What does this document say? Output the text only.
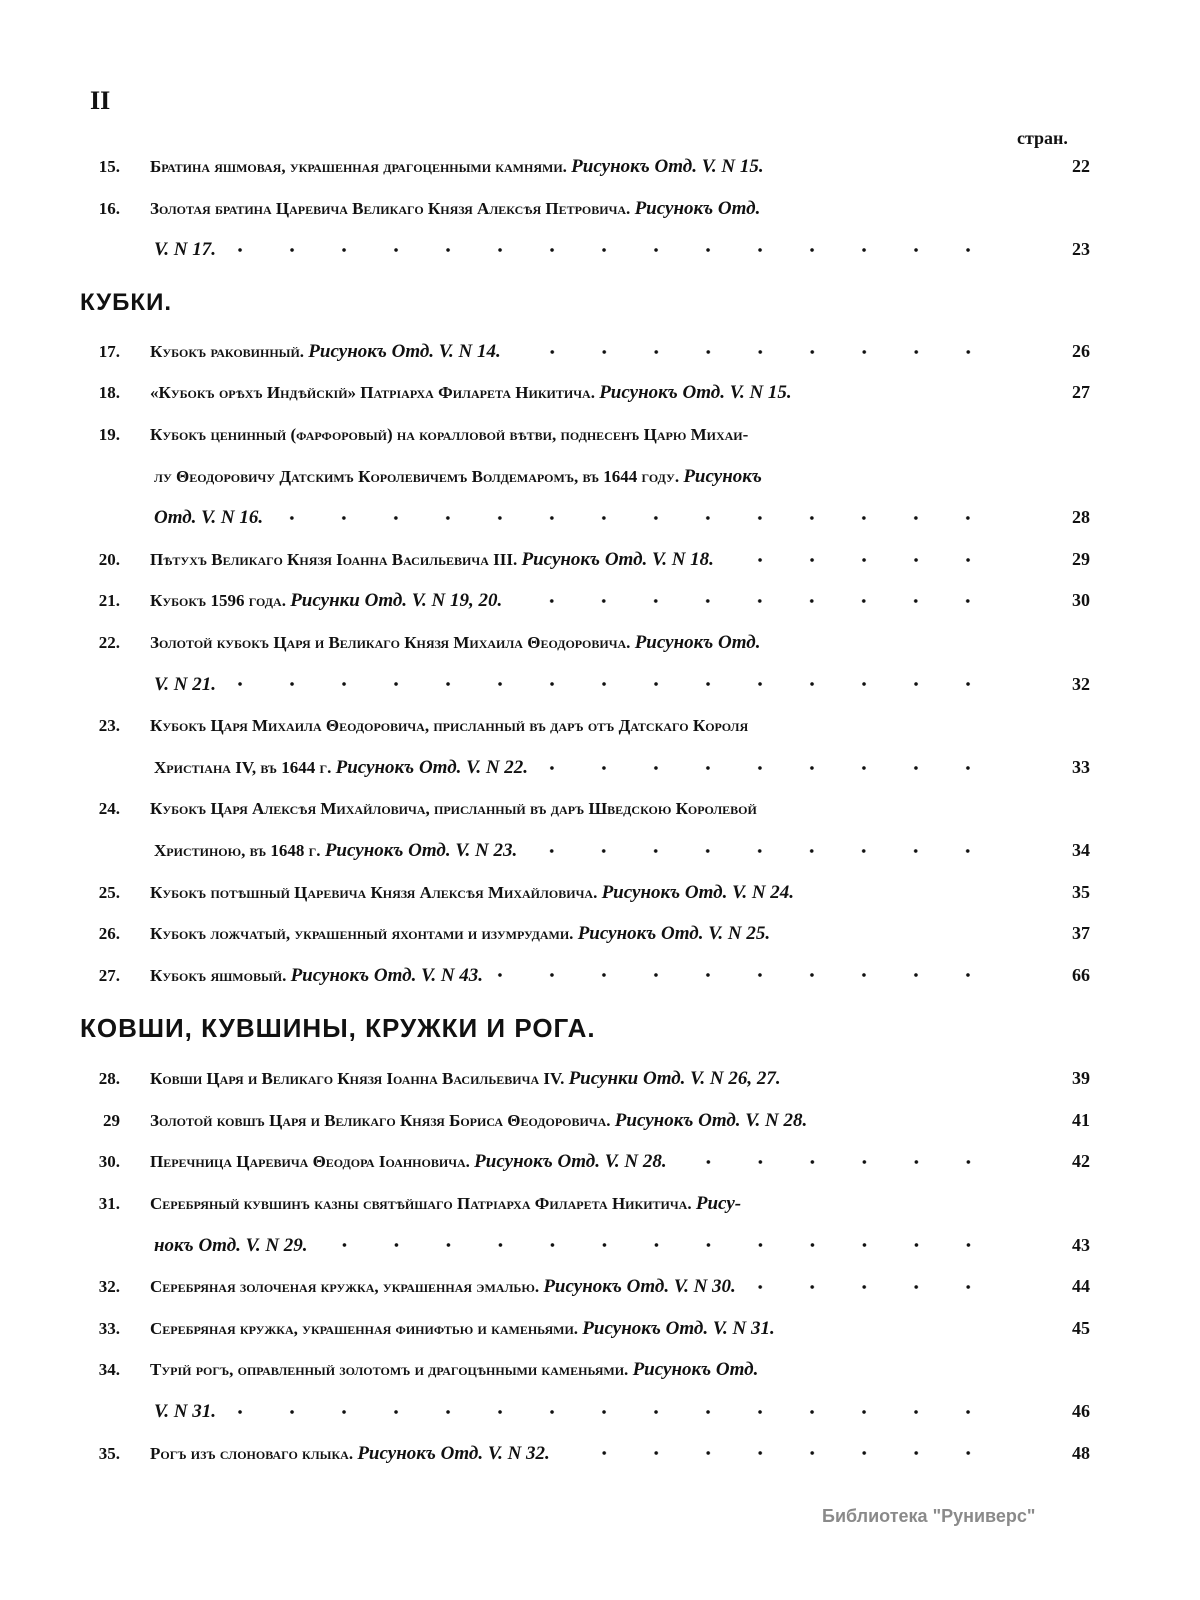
II
стран.
15.	Братина яшмовая, украшенная драгоценными камнями. Рисунокъ Отд. V. N 15.	22
16.	Золотая братина Царевича Великаго Князя Алексѣя Петровича. Рисунокъ Отд.
V. N 17.	23
КУБКИ.
17.	Кубокъ раковинный. Рисунокъ Отд. V. N 14.	26
18.	«Кубокъ орѣхъ Индѣйскій» Патріарха Филарета Никитича. Рисунокъ Отд. V. N 15.	27
19.	Кубокъ ценинный (фарфоровый) на коралловой вѣтви, поднесенъ Царю Михаи-
лу Θеодоровичу Датскимъ Королевичемъ Волдемаромъ, въ 1644 году. Рисунокъ
Отд. V. N 16.	28
20.	Пѣтухъ Великаго Князя Іоанна Васильевича III. Рисунокъ Отд. V. N 18.	29
21.	Кубокъ 1596 года. Рисунки Отд. V. N 19, 20.	30
22.	Золотой кубокъ Царя и Великаго Князя Михаила Θеодоровича. Рисунокъ Отд.
V. N 21.	32
23.	Кубокъ Царя Михаила Θеодоровича, присланный въ даръ отъ Датскаго Короля
Христiана IV, въ 1644 г. Рисунокъ Отд. V. N 22.	33
24.	Кубокъ Царя Алексѣя Михайловича, присланный въ даръ Шведскою Королевой
Христиною, въ 1648 г. Рисунокъ Отд. V. N 23.	34
25.	Кубокъ потѣшный Царевича Князя Алексѣя Михайловича. Рисунокъ Отд. V. N 24.	35
26.	Кубокъ ложчатый, украшенный яхонтами и изумрудами. Рисунокъ Отд. V. N 25.	37
27.	Кубокъ яшмовый. Рисунокъ Отд. V. N 43.	66
КОВШИ, КУВШИНЫ, КРУЖКИ И РОГА.
28.	Ковши Царя и Великаго Князя Іоанна Васильевича IV. Рисунки Отд. V. N 26, 27.	39
29	Золотой ковшъ Царя и Великаго Князя Бориса Θеодоровича. Рисунокъ Отд. V. N 28.	41
30.	Перечница Царевича Θеодора Іоанновича. Рисунокъ Отд. V. N 28.	42
31.	Серебряный кувшинъ казны святѣйшаго Патріарха Филарета Никитича. Рису-
нокъ Отд. V. N 29.	43
32.	Серебряная золоченая кружка, украшенная эмалью. Рисунокъ Отд. V. N 30.	44
33.	Серебряная кружка, украшенная финифтью и каменьями. Рисунокъ Отд. V. N 31.	45
34.	Турій рогъ, оправленный золотомъ и драгоцѣнными каменьями. Рисунокъ Отд.
V. N 31.	46
35.	Рогъ изъ слоноваго клыка. Рисунокъ Отд. V. N 32.	48
Библиотека "Руниверс"
